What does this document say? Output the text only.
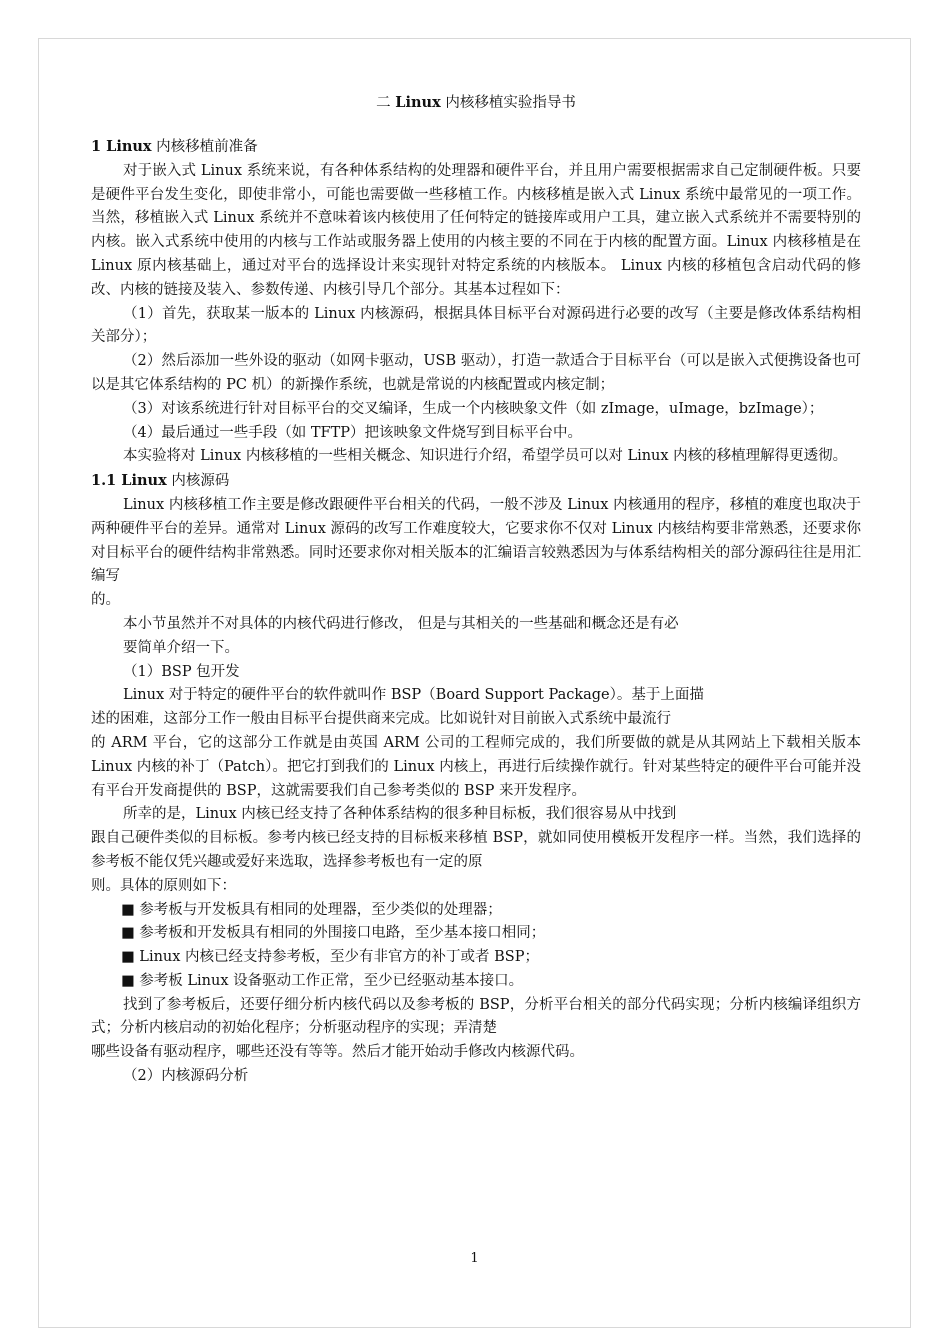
二 Linux 内核移植实验指导书

1 Linux 内核移植前准备

对于嵌入式 Linux 系统来说，有各种体系结构的处理器和硬件平台，并且用户需要根据需求自己定制硬件板。只要是硬件平台发生变化，即使非常小，可能也需要做一些移植工作。内核移植是嵌入式 Linux 系统中最常见的一项工作。当然，移植嵌入式 Linux 系统并不意味着该内核使用了任何特定的链接库或用户工具，建立嵌入式系统并不需要特别的内核。嵌入式系统中使用的内核与工作站或服务器上使用的内核主要的不同在于内核的配置方面。Linux 内核移植是在 Linux 原内核基础上，通过对平台的选择设计来实现针对特定系统的内核版本。 Linux 内核的移植包含启动代码的修改、内核的链接及装入、参数传递、内核引导几个部分。其基本过程如下：

（1）首先，获取某一版本的 Linux 内核源码，根据具体目标平台对源码进行必要的改写（主要是修改体系结构相关部分）；

（2）然后添加一些外设的驱动（如网卡驱动，USB 驱动），打造一款适合于目标平台（可以是嵌入式便携设备也可以是其它体系结构的 PC 机）的新操作系统，也就是常说的内核配置或内核定制；

（3）对该系统进行针对目标平台的交叉编译，生成一个内核映象文件（如 zImage，uImage，bzImage）；

（4）最后通过一些手段（如 TFTP）把该映象文件烧写到目标平台中。

本实验将对 Linux 内核移植的一些相关概念、知识进行介绍，希望学员可以对 Linux 内核的移植理解得更透彻。

1.1 Linux 内核源码

Linux 内核移植工作主要是修改跟硬件平台相关的代码，一般不涉及 Linux 内核通用的程序，移植的难度也取决于两种硬件平台的差异。通常对 Linux 源码的改写工作难度较大，它要求你不仅对 Linux 内核结构要非常熟悉，还要求你对目标平台的硬件结构非常熟悉。同时还要求你对相关版本的汇编语言较熟悉因为与体系结构相关的部分源码往往是用汇编写

的。

本小节虽然并不对具体的内核代码进行修改， 但是与其相关的一些基础和概念还是有必

要简单介绍一下。

（1）BSP 包开发

Linux 对于特定的硬件平台的软件就叫作 BSP（Board Support Package）。基于上面描

述的困难，这部分工作一般由目标平台提供商来完成。比如说针对目前嵌入式系统中最流行

的 ARM 平台，它的这部分工作就是由英国 ARM 公司的工程师完成的，我们所要做的就是从其网站上下载相关版本 Linux 内核的补丁（Patch）。把它打到我们的 Linux 内核上，再进行后续操作就行。针对某些特定的硬件平台可能并没有平台开发商提供的 BSP，这就需要我们自己参考类似的 BSP 来开发程序。

所幸的是，Linux 内核已经支持了各种体系结构的很多种目标板，我们很容易从中找到

跟自己硬件类似的目标板。参考内核已经支持的目标板来移植 BSP，就如同使用模板开发程序一样。当然，我们选择的参考板不能仅凭兴趣或爱好来选取，选择参考板也有一定的原

则。具体的原则如下：

■ 参考板与开发板具有相同的处理器，至少类似的处理器；

■ 参考板和开发板具有相同的外围接口电路，至少基本接口相同；

■ Linux 内核已经支持参考板，至少有非官方的补丁或者 BSP；

■ 参考板 Linux 设备驱动工作正常，至少已经驱动基本接口。

找到了参考板后，还要仔细分析内核代码以及参考板的 BSP，分析平台相关的部分代码实现；分析内核编译组织方式；分析内核启动的初始化程序；分析驱动程序的实现；弄清楚

哪些设备有驱动程序，哪些还没有等等。然后才能开始动手修改内核源代码。

（2）内核源码分析

1
